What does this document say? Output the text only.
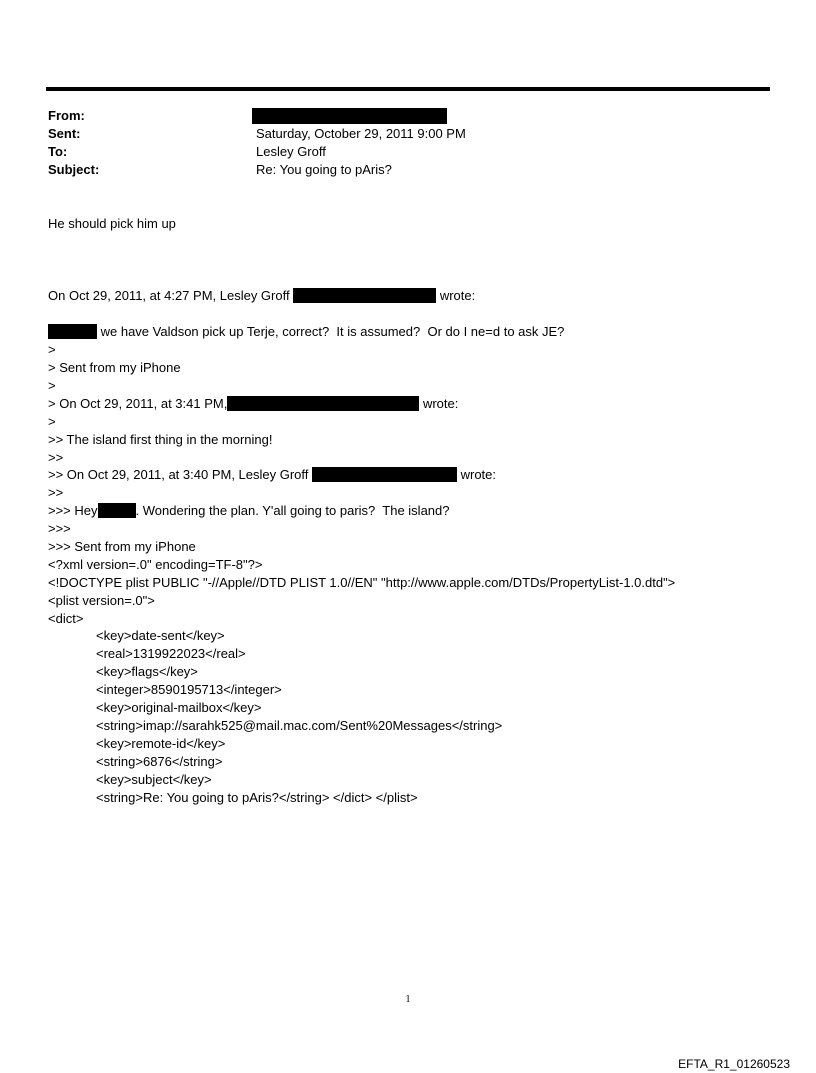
From:
Sent:	Saturday, October 29, 2011 9:00 PM
To:	Lesley Groff
Subject:	Re: You going to pAris?
He should pick him up
On Oct 29, 2011, at 4:27 PM, Lesley Groff	wrote:
we have Valdson pick up Terje, correct?  It is assumed?  Or do I ne=d to ask JE?
>
> Sent from my iPhone
>
> On Oct 29, 2011, at 3:41 PM,	wrote:
>
>> The island first thing in the morning!
>>
>> On Oct 29, 2011, at 3:40 PM, Lesley Groff	wrote:
>>
>>> Hey	. Wondering the plan. Y'all going to paris?  The island?
>>>
>>> Sent from my iPhone
<?xml version=.0" encoding=TF-8"?>
<!DOCTYPE plist PUBLIC "-//Apple//DTD PLIST 1.0//EN" "http://www.apple.com/DTDs/PropertyList-1.0.dtd">
<plist version=.0">
<dict>
<key>date-sent</key>
<real>1319922023</real>
<key>flags</key>
<integer>8590195713</integer>
<key>original-mailbox</key>
<string>imap://sarahk525@mail.mac.com/Sent%20Messages</string>
<key>remote-id</key>
<string>6876</string>
<key>subject</key>
<string>Re: You going to pAris?</string> </dict> </plist>
1
EFTA_R1_01260523
